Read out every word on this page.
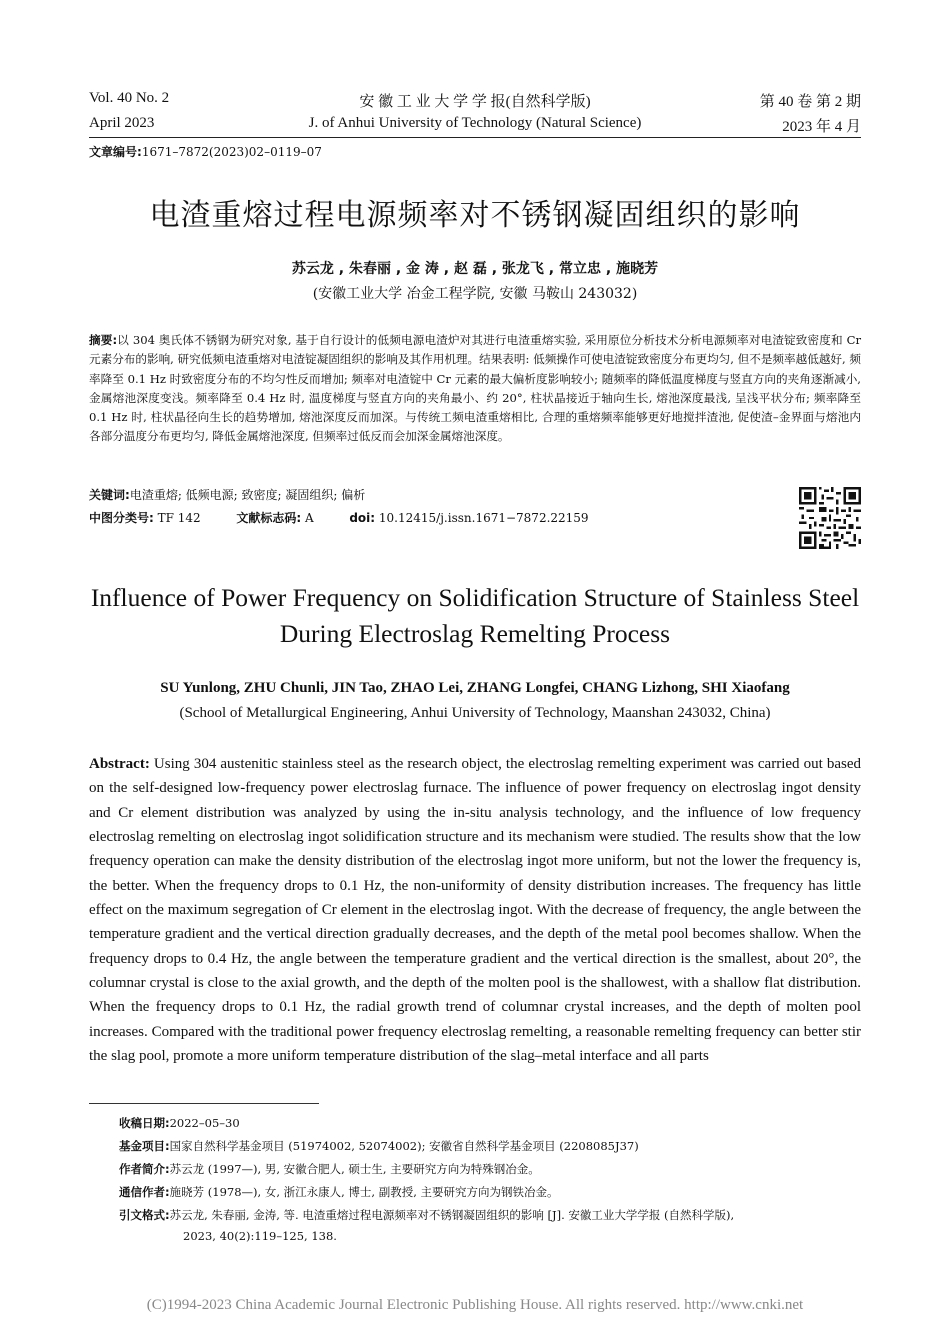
Vol. 40 No. 2	安 徽 工 业 大 学 学 报(自然科学版)	第 40 卷 第 2 期
April 2023	J. of Anhui University of Technology (Natural Science)	2023 年 4 月
文章编号:1671–7872(2023)02–0119–07
电渣重熔过程电源频率对不锈钢凝固组织的影响
苏云龙 , 朱春丽 , 金 涛 , 赵 磊 , 张龙飞 , 常立忠 , 施晓芳
(安徽工业大学 冶金工程学院, 安徽 马鞍山 243032)
摘要:以 304 奥氏体不锈钢为研究对象, 基于自行设计的低频电源电渣炉对其进行电渣重熔实验, 采用原位分析技术分析电源频率对电渣锭致密度和 Cr 元素分布的影响, 研究低频电渣重熔对电渣锭凝固组织的影响及其作用机理。结果表明: 低频操作可使电渣锭致密度分布更均匀, 但不是频率越低越好, 频率降至 0.1 Hz 时致密度分布的不均匀性反而增加; 频率对电渣锭中 Cr 元素的最大偏析度影响较小; 随频率的降低温度梯度与竖直方向的夹角逐渐减小, 金属熔池深度变浅。频率降至 0.4 Hz 时, 温度梯度与竖直方向的夹角最小、约 20°, 柱状晶接近于轴向生长, 熔池深度最浅, 呈浅平状分布; 频率降至 0.1 Hz 时, 柱状晶径向生长的趋势增加, 熔池深度反而加深。与传统工频电渣重熔相比, 合理的重熔频率能够更好地搅拌渣池, 促使渣–金界面与熔池内各部分温度分布更均匀, 降低金属熔池深度, 但频率过低反而会加深金属熔池深度。
关键词:电渣重熔; 低频电源; 致密度; 凝固组织; 偏析
中图分类号: TF 142	文献标志码: A	doi: 10.12415/j.issn.1671−7872.22159
Influence of Power Frequency on Solidification Structure of Stainless Steel
During Electroslag Remelting Process
SU Yunlong, ZHU Chunli, JIN Tao, ZHAO Lei, ZHANG Longfei, CHANG Lizhong, SHI Xiaofang
(School of Metallurgical Engineering, Anhui University of Technology, Maanshan 243032, China)
Abstract: Using 304 austenitic stainless steel as the research object, the electroslag remelting experiment was carried out based on the self-designed low-frequency power electroslag furnace. The influence of power frequency on electroslag ingot density and Cr element distribution was analyzed by using the in-situ analysis technology, and the influence of low frequency electroslag remelting on electroslag ingot solidification structure and its mechanism were studied. The results show that the low frequency operation can make the density distribution of the electroslag ingot more uniform, but not the lower the frequency is, the better. When the frequency drops to 0.1 Hz, the non-uniformity of density distribution increases. The frequency has little effect on the maximum segregation of Cr element in the electroslag ingot. With the decrease of frequency, the angle between the temperature gradient and the vertical direction gradually decreases, and the depth of the metal pool becomes shallow. When the frequency drops to 0.4 Hz, the angle between the temperature gradient and the vertical direction is the smallest, about 20°, the columnar crystal is close to the axial growth, and the depth of the molten pool is the shallowest, with a shallow flat distribution. When the frequency drops to 0.1 Hz, the radial growth trend of columnar crystal increases, and the depth of molten pool increases. Compared with the traditional power frequency electroslag remelting, a reasonable remelting frequency can better stir the slag pool, promote a more uniform temperature distribution of the slag–metal interface and all parts
收稿日期:2022–05–30
基金项目:国家自然科学基金项目 (51974002, 52074002); 安徽省自然科学基金项目 (2208085J37)
作者简介:苏云龙 (1997—), 男, 安徽合肥人, 硕士生, 主要研究方向为特殊钢冶金。
通信作者:施晓芳 (1978—), 女, 浙江永康人, 博士, 副教授, 主要研究方向为钢铁冶金。
引文格式:苏云龙, 朱春丽, 金涛, 等. 电渣重熔过程电源频率对不锈钢凝固组织的影响 [J]. 安徽工业大学学报 (自然科学版),
2023, 40(2):119–125, 138.
(C)1994-2023 China Academic Journal Electronic Publishing House. All rights reserved. http://www.cnki.net
